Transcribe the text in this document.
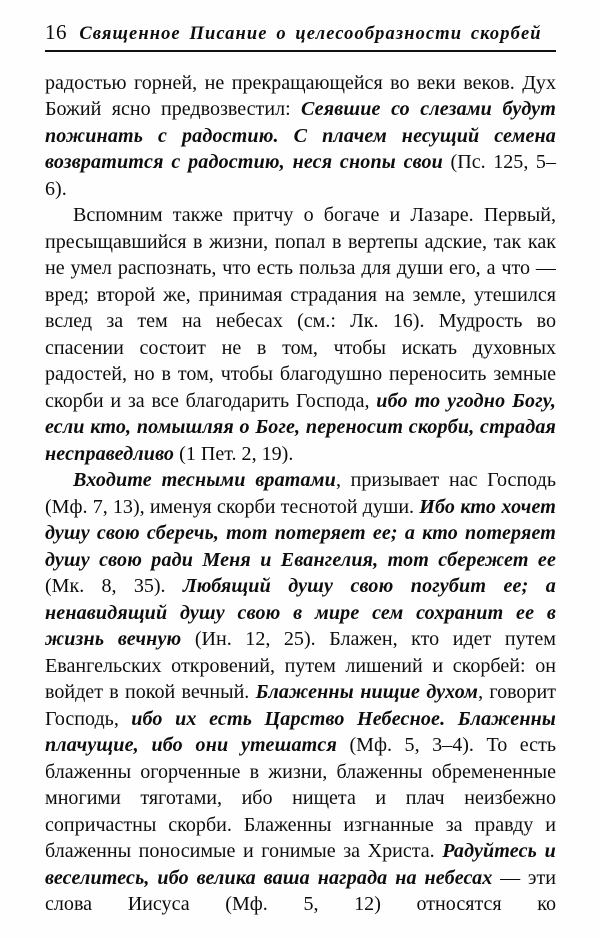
16 Священное Писание о целесообразности скорбей

радостью горней, не прекращающейся во веки веков. Дух Божий ясно предвозвестил: Сеявшие со слезами будут пожинать с радостию. С плачем несущий семена возвратится с радостию, неся снопы свои (Пс. 125, 5–6).

Вспомним также притчу о богаче и Лазаре. Первый, пресыщавшийся в жизни, попал в вертепы адские, так как не умел распознать, что есть польза для души его, а что — вред; второй же, принимая страдания на земле, утешился вслед за тем на небесах (см.: Лк. 16). Мудрость во спасении состоит не в том, чтобы искать духовных радостей, но в том, чтобы благодушно переносить земные скорби и за все благодарить Господа, ибо то угодно Богу, если кто, помышляя о Боге, переносит скорби, страдая несправедливо (1 Пет. 2, 19).

Входите тесными вратами, призывает нас Господь (Мф. 7, 13), именуя скорби теснотой души. Ибо кто хочет душу свою сберечь, тот потеряет ее; а кто потеряет душу свою ради Меня и Евангелия, тот сбережет ее (Мк. 8, 35). Любящий душу свою погубит ее; а ненавидящий душу свою в мире сем сохранит ее в жизнь вечную (Ин. 12, 25). Блажен, кто идет путем Евангельских откровений, путем лишений и скорбей: он войдет в покой вечный. Блаженны нищие духом, говорит Господь, ибо их есть Царство Небесное. Блаженны плачущие, ибо они утешатся (Мф. 5, 3–4). То есть блаженны огорченные в жизни, блаженны обремененные многими тяготами, ибо нищета и плач неизбежно сопричастны скорби. Блаженны изгнанные за правду и блаженны поносимые и гонимые за Христа. Радуйтесь и веселитесь, ибо велика ваша награда на небесах — эти слова Иисуса (Мф. 5, 12) относятся ко
